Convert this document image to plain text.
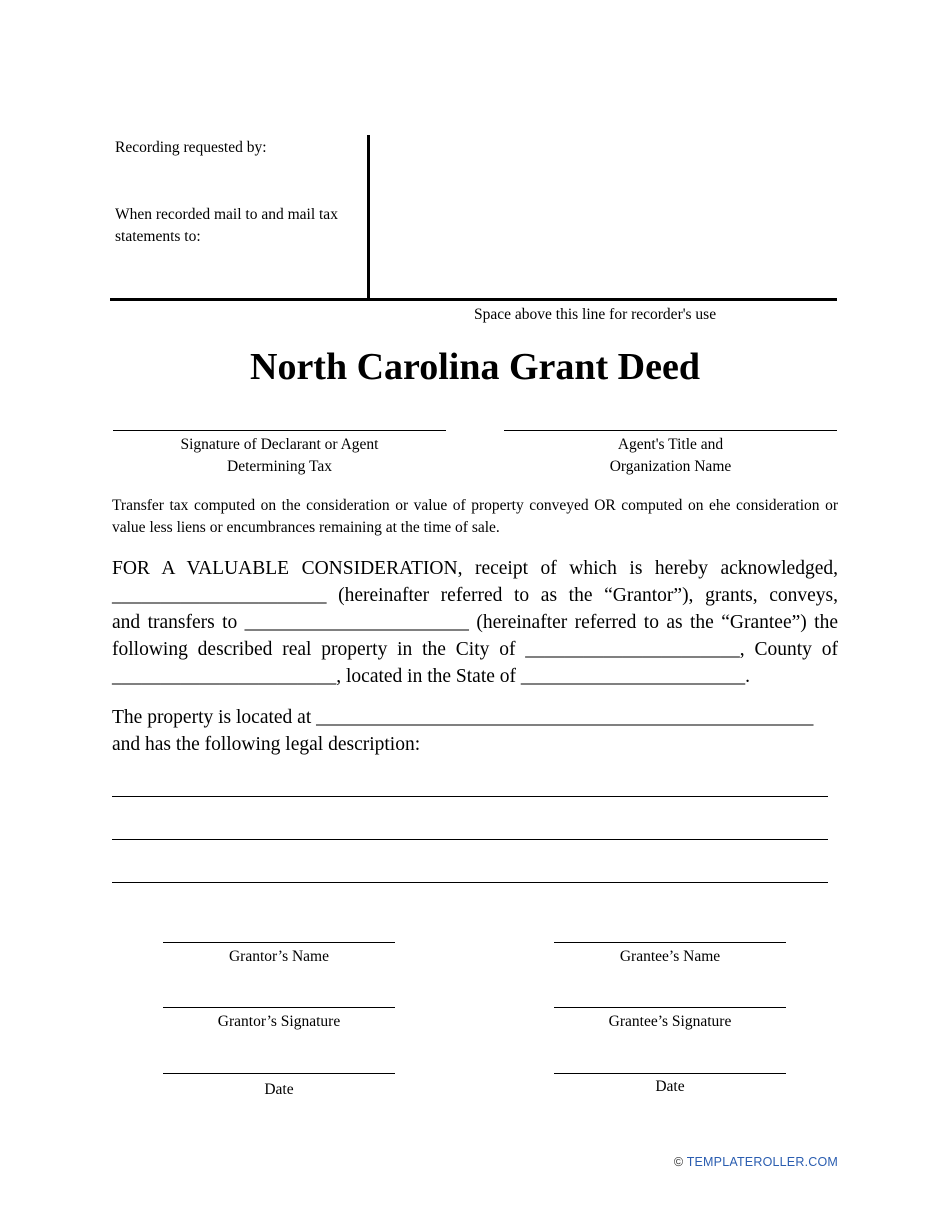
Recording requested by:
When recorded mail to and mail tax statements to:
Space above this line for recorder's use
North Carolina Grant Deed
Signature of Declarant or Agent
Determining Tax
Agent's Title and
Organization Name
Transfer tax computed on the consideration or value of property conveyed OR computed on ehe consideration or value less liens or encumbrances remaining at the time of sale.
FOR A VALUABLE CONSIDERATION, receipt of which is hereby acknowledged,
______________________ (hereinafter referred to as the “Grantor”), grants, conveys,
and transfers to _______________________ (hereinafter referred to as the “Grantee”) the
following described real property in the City of ______________________, County of
_______________________, located in the State of _______________________.
The property is located at ___________________________________________________
and has the following legal description:
Grantor’s Name	Grantee’s Name
Grantor’s Signature	Grantee’s Signature
Date	Date
© TEMPLATEROLLER.COM
